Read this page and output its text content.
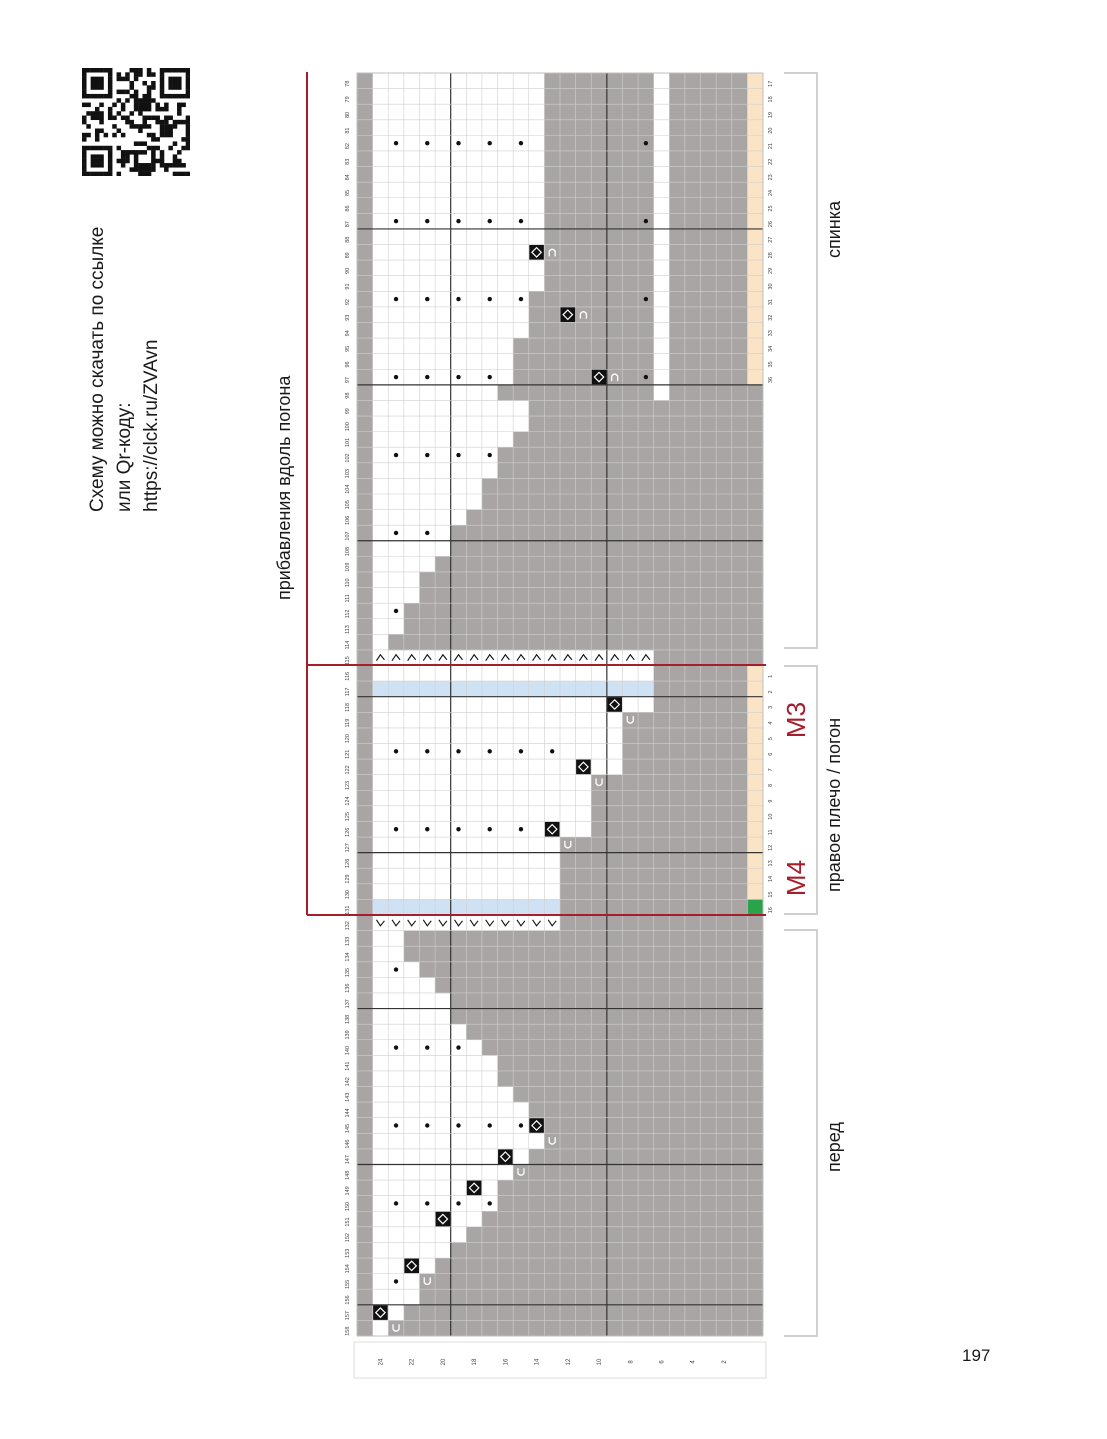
Схему можно скачать по ссылке или Qr-коду: https://clck.ru/ZVAvn	прибавления вдоль погона
спинка
правое плечо / погон
перед
197
78
79
80
81
82
83
84
85
86
87
88
89
90
91
92
93
94
95
96
97
98
99
100
101
102
103
104
105
106
107
108
109
110
111
112
113
114
115
116
117
118
119
120
121
122
123
124
125
126
127
128
129
130
131
132
133
134
135
136
137
138
139
140
141
142
143
144
145
146
147
148
149
150
151
152
153
154
155
156
157
158
17
18
19
20
21
22
23
24
25
26
27
28
29
30
31
32
33
34
35
36
1
2
3
4
5
6
7
8
9
10
11
12
13
14
15
16
24	22	20	18	16	14	12	10	8	6	4	2
M3
M4
